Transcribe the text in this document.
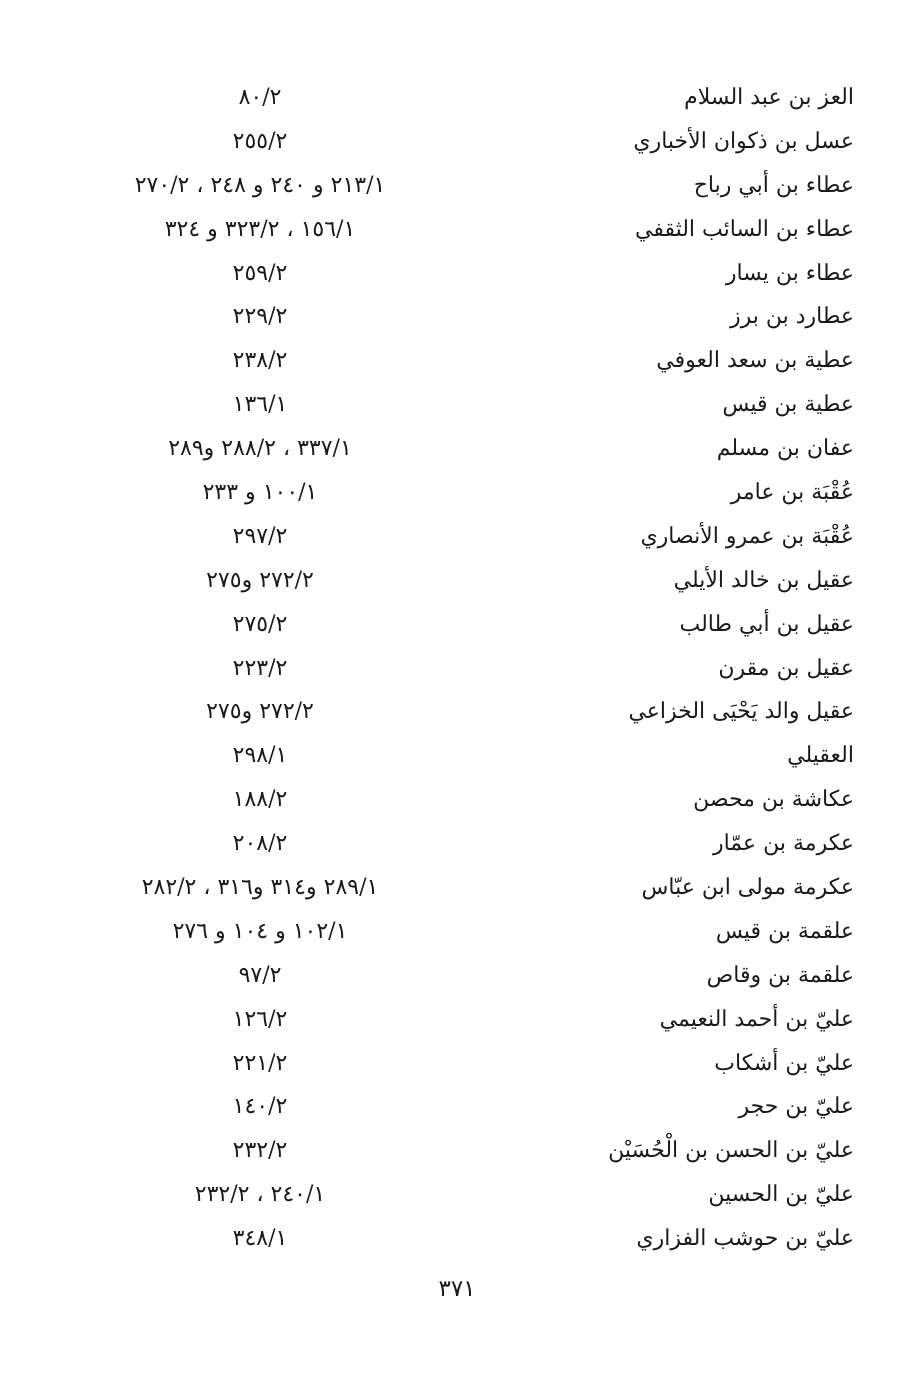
العز بن عبد السلام
٨٠/٢
عسل بن ذكوان الأخباري
٢٥٥/٢
عطاء بن أبي رباح
٢١٣/١ و ٢٤٠ و ٢٤٨ ، ٢٧٠/٢
عطاء بن السائب الثقفي
١٥٦/١ ، ٣٢٣/٢ و ٣٢٤
عطاء بن يسار
٢٥٩/٢
عطارد بن برز
٢٢٩/٢
عطية بن سعد العوفي
٢٣٨/٢
عطية بن قيس
١٣٦/١
عفان بن مسلم
٣٣٧/١ ، ٢٨٨/٢ و٢٨٩
عُقْبَة بن عامر
١٠٠/١ و ٢٣٣
عُقْبَة بن عمرو الأنصاري
٢٩٧/٢
عقيل بن خالد الأيلي
٢٧٢/٢ و٢٧٥
عقيل بن أبي طالب
٢٧٥/٢
عقيل بن مقرن
٢٢٣/٢
عقيل والد يَحْيَى الخزاعي
٢٧٢/٢ و٢٧٥
العقيلي
٢٩٨/١
عكاشة بن محصن
١٨٨/٢
عكرمة بن عمّار
٢٠٨/٢
عكرمة مولى ابن عبّاس
٢٨٩/١ و٣١٤ و٣١٦ ، ٢٨٢/٢
علقمة بن قيس
١٠٢/١ و ١٠٤ و ٢٧٦
علقمة بن وقاص
٩٧/٢
عليّ بن أحمد النعيمي
١٢٦/٢
عليّ بن أشكاب
٢٢١/٢
عليّ بن حجر
١٤٠/٢
عليّ بن الحسن بن الْحُسَيْن
٢٣٢/٢
عليّ بن الحسين
٢٤٠/١ ، ٢٣٢/٢
عليّ بن حوشب الفزاري
٣٤٨/١
٣٧١
